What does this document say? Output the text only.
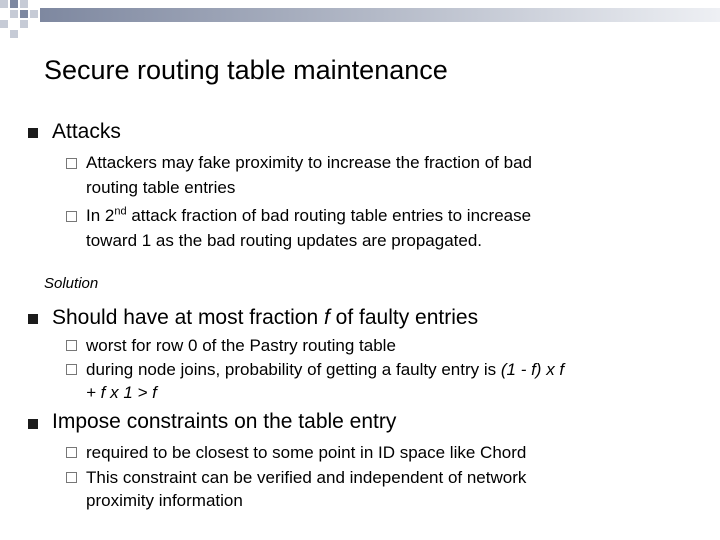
Secure routing table maintenance
Attacks
Attackers may fake proximity to increase the fraction of bad
routing table entries
In 2nd attack fraction of bad routing table entries to increase
toward 1 as the bad routing updates are propagated.
Solution
Should have at most fraction f of faulty entries
worst for row 0 of the Pastry routing table
during node joins, probability of getting a faulty entry is (1 - f) x f
+ f x 1 > f
Impose constraints on the table entry
required to be closest to some point in ID space like Chord
This constraint can be verified and independent of network
proximity information
